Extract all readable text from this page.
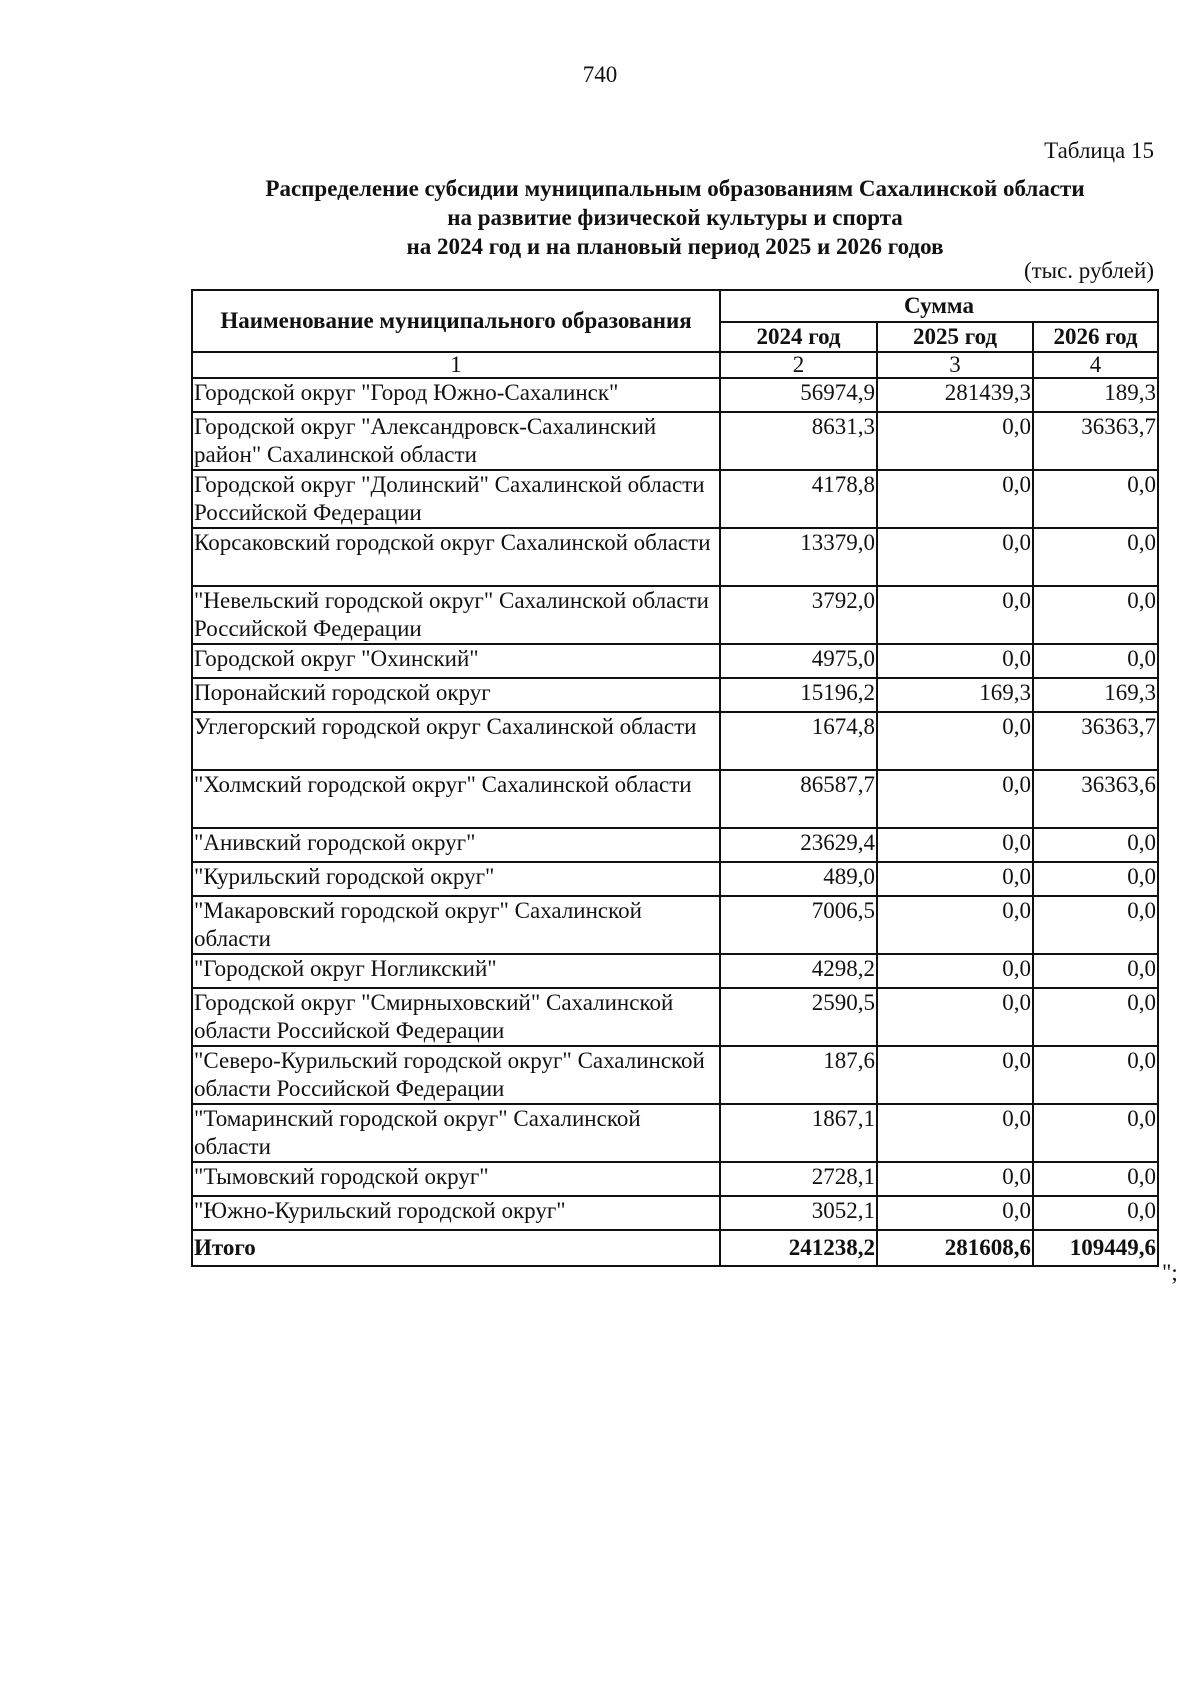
740
Таблица 15
Распределение субсидии муниципальным образованиям Сахалинской области
на развитие физической культуры и спорта
на 2024 год и на плановый период 2025 и 2026 годов
(тыс. рублей)
Наименование муниципального образования	Сумма		
	2024 год	2025 год	2026 год
1	2	3	4
Городской округ "Город Южно-Сахалинск"	56974,9	281439,3	189,3
Городской округ "Александровск-Сахалинский район" Сахалинской области	8631,3	0,0	36363,7
Городской округ "Долинский" Сахалинской области Российской Федерации	4178,8	0,0	0,0
Корсаковский городской округ Сахалинской области	13379,0	0,0	0,0
"Невельский городской округ" Сахалинской области Российской Федерации	3792,0	0,0	0,0
Городской округ "Охинский"	4975,0	0,0	0,0
Поронайский городской округ	15196,2	169,3	169,3
Углегорский городской округ Сахалинской области	1674,8	0,0	36363,7
"Холмский городской округ" Сахалинской области	86587,7	0,0	36363,6
"Анивский городской округ"	23629,4	0,0	0,0
"Курильский городской округ"	489,0	0,0	0,0
"Макаровский городской округ" Сахалинской области	7006,5	0,0	0,0
"Городской округ Ногликский"	4298,2	0,0	0,0
Городской округ "Смирныховский" Сахалинской области Российской Федерации	2590,5	0,0	0,0
"Северо-Курильский городской округ" Сахалинской области Российской Федерации	187,6	0,0	0,0
"Томаринский городской округ" Сахалинской области	1867,1	0,0	0,0
"Тымовский городской округ"	2728,1	0,0	0,0
"Южно-Курильский городской округ"	3052,1	0,0	0,0
Итого	241238,2	281608,6	109449,6
";
